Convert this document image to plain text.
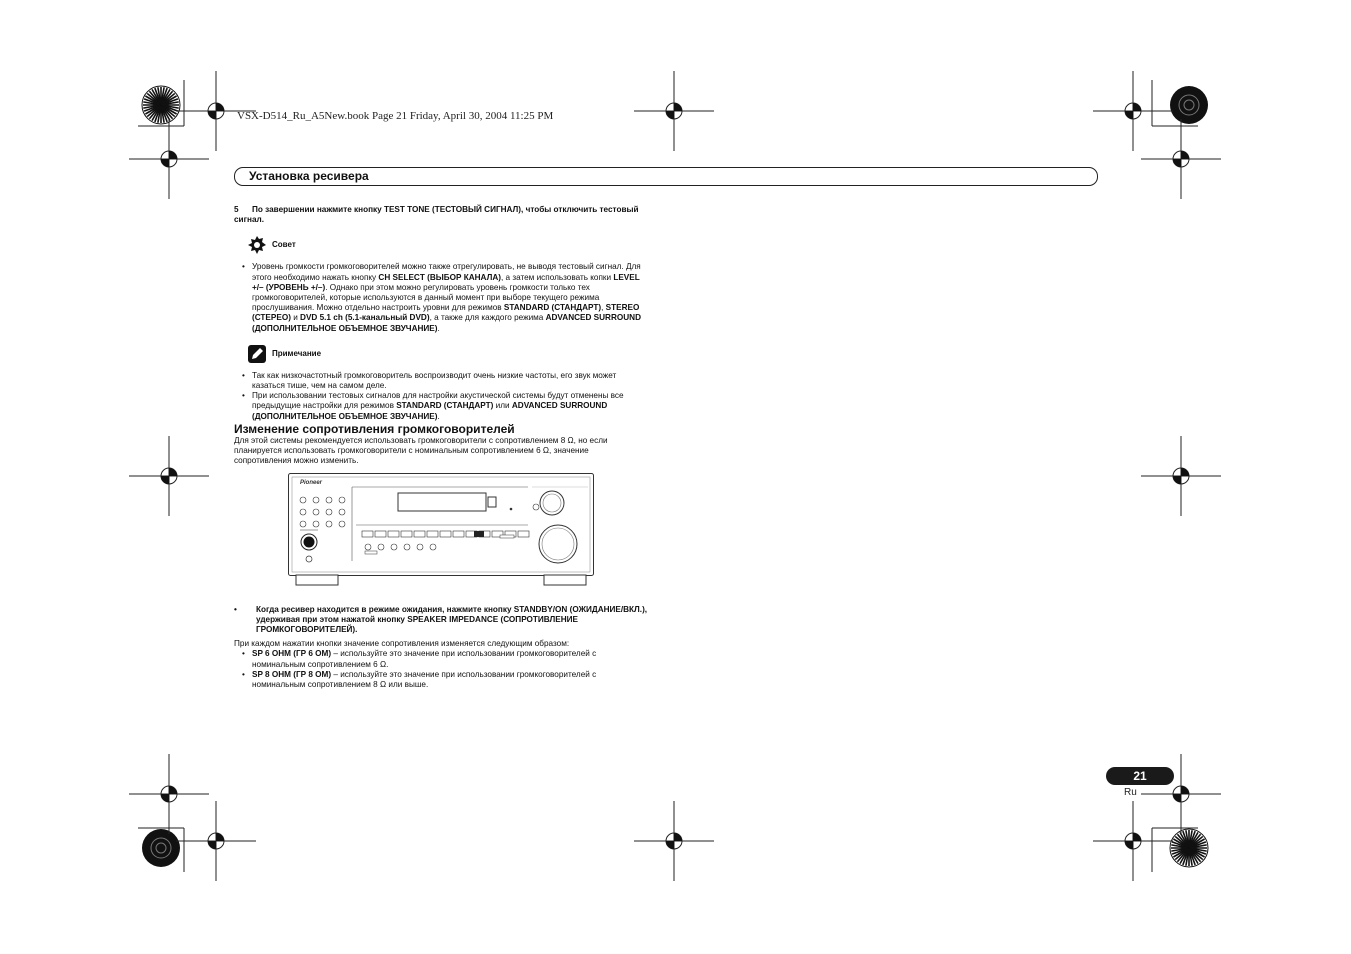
VSX-D514_Ru_A5New.book Page 21 Friday, April 30, 2004 11:25 PM
Установка ресивера

5 По завершении нажмите кнопку TEST TONE (ТЕСТОВЫЙ СИГНАЛ), чтобы отключить тестовый сигнал.

Совет
• Уровень громкости громкоговорителей можно также отрегулировать, не выводя тестовый сигнал. Для этого необходимо нажать кнопку CH SELECT (ВЫБОР КАНАЛА), а затем использовать копки LEVEL +/– (УРОВЕНЬ +/–). Однако при этом можно регулировать уровень громкости только тех громкоговорителей, которые используются в данный момент при выборе текущего режима прослушивания. Можно отдельно настроить уровни для режимов STANDARD (СТАНДАРТ), STEREO (СТЕРЕО) и DVD 5.1 ch (5.1-канальный DVD), а также для каждого режима ADVANCED SURROUND (ДОПОЛНИТЕЛЬНОЕ ОБЪЕМНОЕ ЗВУЧАНИЕ).
Примечание
• Так как низкочастотный громкоговоритель воспроизводит очень низкие частоты, его звук может казаться тише, чем на самом деле.
• При использовании тестовых сигналов для настройки акустической системы будут отменены все предыдущие настройки для режимов STANDARD (СТАНДАРТ) или ADVANCED SURROUND (ДОПОЛНИТЕЛЬНОЕ ОБЪЕМНОЕ ЗВУЧАНИЕ).

Изменение сопротивления громкоговорителей

Для этой системы рекомендуется использовать громкоговорители с сопротивлением 8 Ω, но если планируется использовать громкоговорители с номинальным сопротивлением 6 Ω, значение сопротивления можно изменить.

Pioneer

• Когда ресивер находится в режиме ожидания, нажмите кнопку STANDBY/ON (ОЖИДАНИЕ/ВКЛ.), удерживая при этом нажатой кнопку SPEAKER IMPEDANCE (СОПРОТИВЛЕНИЕ ГРОМКОГОВОРИТЕЛЕЙ).

При каждом нажатии кнопки значение сопротивления изменяется следующим образом:

• SP 6 OHM (ГР 6 OM) – используйте это значение при использовании громкоговорителей с номинальным сопротивлением 6 Ω.
• SP 8 OHM (ГР 8 OM) – используйте это значение при использовании громкоговорителей с номинальным сопротивлением 8 Ω или выше.
21
Ru
